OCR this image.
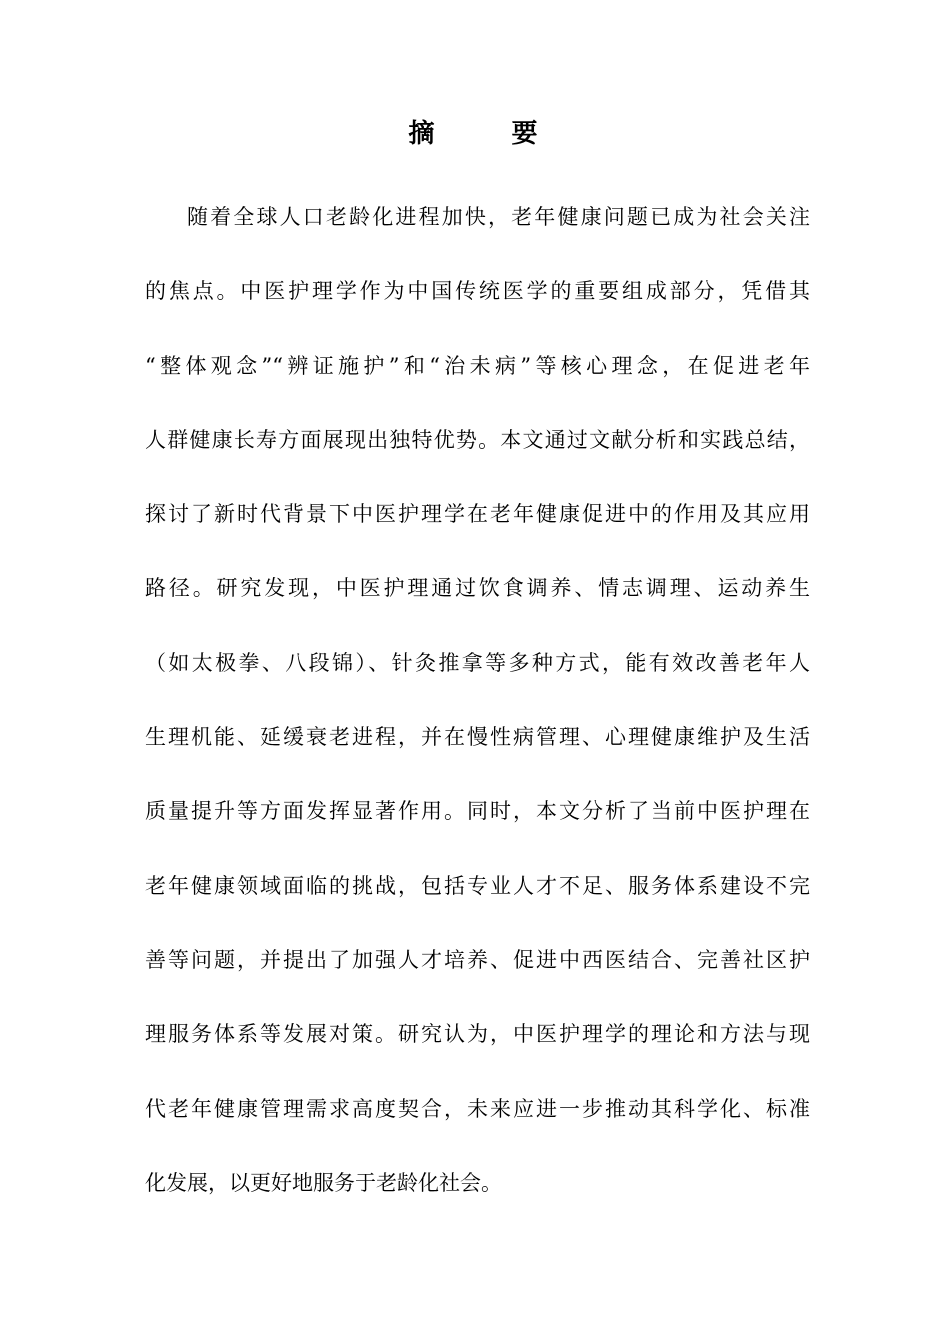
摘 要
随着全球人口老龄化进程加快，老年健康问题已成为社会关注
的焦点。中医护理学作为中国传统医学的重要组成部分，凭借其
“整体观念”“辨证施护”和“治未病”等核心理念，在促进老年
人群健康长寿方面展现出独特优势。本文通过文献分析和实践总结，
探讨了新时代背景下中医护理学在老年健康促进中的作用及其应用
路径。研究发现，中医护理通过饮食调养、情志调理、运动养生
（如太极拳、八段锦）、针灸推拿等多种方式，能有效改善老年人
生理机能、延缓衰老进程，并在慢性病管理、心理健康维护及生活
质量提升等方面发挥显著作用。同时，本文分析了当前中医护理在
老年健康领域面临的挑战，包括专业人才不足、服务体系建设不完
善等问题，并提出了加强人才培养、促进中西医结合、完善社区护
理服务体系等发展对策。研究认为，中医护理学的理论和方法与现
代老年健康管理需求高度契合，未来应进一步推动其科学化、标准
化发展，以更好地服务于老龄化社会。
